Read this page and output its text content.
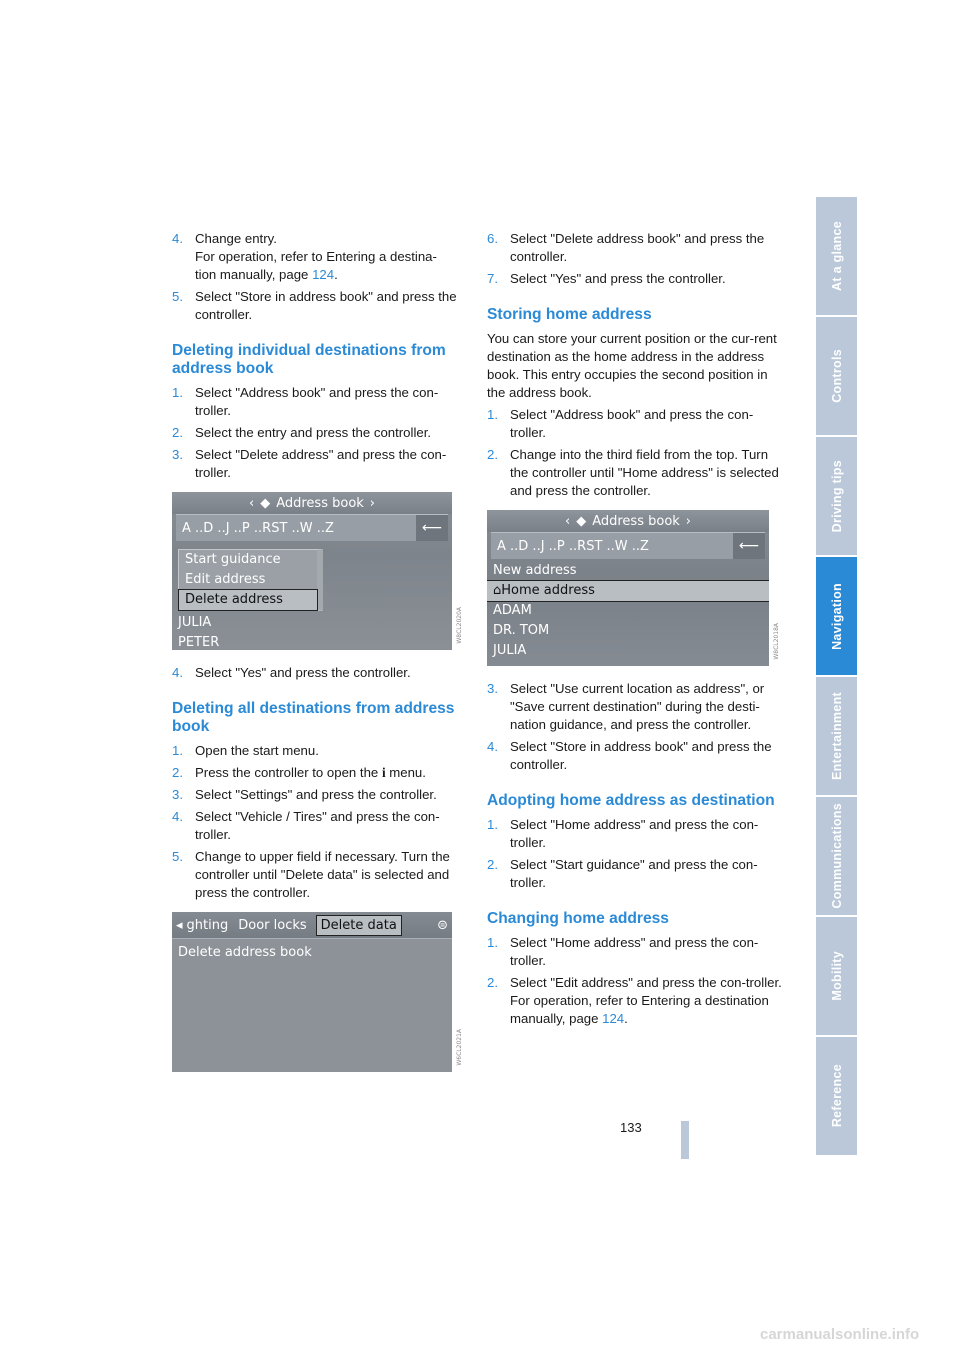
4. Change entry.
For operation, refer to Entering a destina-
tion manually, page 124.
5. Select "Store in address book" and press the controller.
Deleting individual destinations from address book
1. Select "Address book" and press the con-troller.
2. Select the entry and press the controller.
3. Select "Delete address" and press the con-troller.
‹ ◆ Address book ›
A ..D ..J ..P ..RST ..W ..Z	⟵
Start guidance
Edit address
Delete address
JULIA
PETER	W8CL2020A
4. Select "Yes" and press the controller.
Deleting all destinations from address book
1. Open the start menu.
2. Press the controller to open the i menu.
3. Select "Settings" and press the controller.
4. Select "Vehicle / Tires" and press the con-troller.
5. Change to upper field if necessary. Turn the controller until "Delete data" is selected and press the controller.
◂ ghting Door locks	Delete data	⊜
Delete address book
W6CL2021A
6. Select "Delete address book" and press the controller.
7. Select "Yes" and press the controller.
Storing home address

You can store your current position or the cur-rent destination as the home address in the address book. This entry occupies the second position in the address book.

1. Select "Address book" and press the con-troller.
2. Change into the third field from the top. Turn the controller until "Home address" is selected and press the controller.
‹ ◆ Address book ›
A ..D ..J ..P ..RST ..W ..Z	⟵
New address
⌂Home address
ADAM
DR. TOM
JULIA	W8CL2018A
3. Select "Use current location as address", or "Save current destination" during the desti-nation guidance, and press the controller.
4. Select "Store in address book" and press the controller.
Adopting home address as destination
1. Select "Home address" and press the con-troller.
2. Select "Start guidance" and press the con-troller.
Changing home address
1. Select "Home address" and press the con-troller.
2. Select "Edit address" and press the con-troller. For operation, refer to Entering a destination manually, page 124.
At a glance
Controls
Driving tips
Navigation
Entertainment
Communications
Mobility
Reference
133
carmanualsonline.info
